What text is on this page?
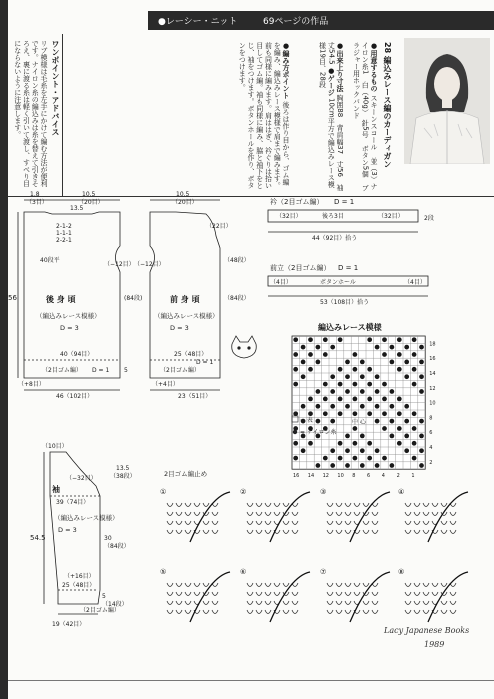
●レーシー・ニット	69ページの作品
28 編込みレース編のカーディガン
●用意するもの スキーンスコール　並（3）ナイロン糸1　白（40g）　針5号　ボタン5個　ブラジャー用ホックバンド
●出来上り寸法 胸囲88　背肩幅37　丈56　袖丈54.5 ●ゲージ 10cm平方で編込みレース模様19目、28段
●編み方ポイント 後ろは作り目から、ゴム編を編み、編込みレース模様で肩まで編みます。前も同様に編みます。肩ははぎ、衿ぐりは拾い目してゴム編。袖も同様に編み、脇と袖下をとじ、袖をつけます。ボタンホールを作り、ボタンをつけます。
ワンポイント・アドバイス
リブ模様は毛糸を左手にかけて編む方法が便利です。ナイロン糸の編込みは糸を替えて引きそろえ、裏に渡る糸は軽く引いて渡し、すべり目にならないように注意します。
1.8
（3目）
10.5
（20目）
13.5
40段平
2-1-2
1-1-1
2-2-1
56
（−12目）
40（94目）
（2目ゴム編） D = 1
（+8目）
46（102目）
5
(84段)
後 身 頃
（編込みレース模様）
D = 3
10.5
（20目）
（22目）
（−12目）
25（48目）
（2目ゴム編）
D = 1
（+4目）
23（51目）
（48段）
（84段）
前 身 頃
（編込みレース模様）
D = 3
衿（2目ゴム編） D = 1
後ろ3目
（32目）	（32目）
44（92目）拾う
2段
前立（2目ゴム編） D = 1
ボタンホール
（4目）	（4目）
53（108目）拾う
編込みレース模様
18
16
14
12
10
8
6
4
2
16 14 12 10 8 6 4 2 1
= 表
= ナイロン糸
中 心
（10目）
（−32目）
39（74目）
54.5	30
（84段）
13.5
（38段）
（+16目）
25（48目）
（2目ゴム編）
19（42目）
5
（14段）
袖
（編込みレース模様）
D = 3
2目ゴム編止め
①	②	③	④
⑤	⑥	⑦	⑧
Lacy Japanese Books
1989
